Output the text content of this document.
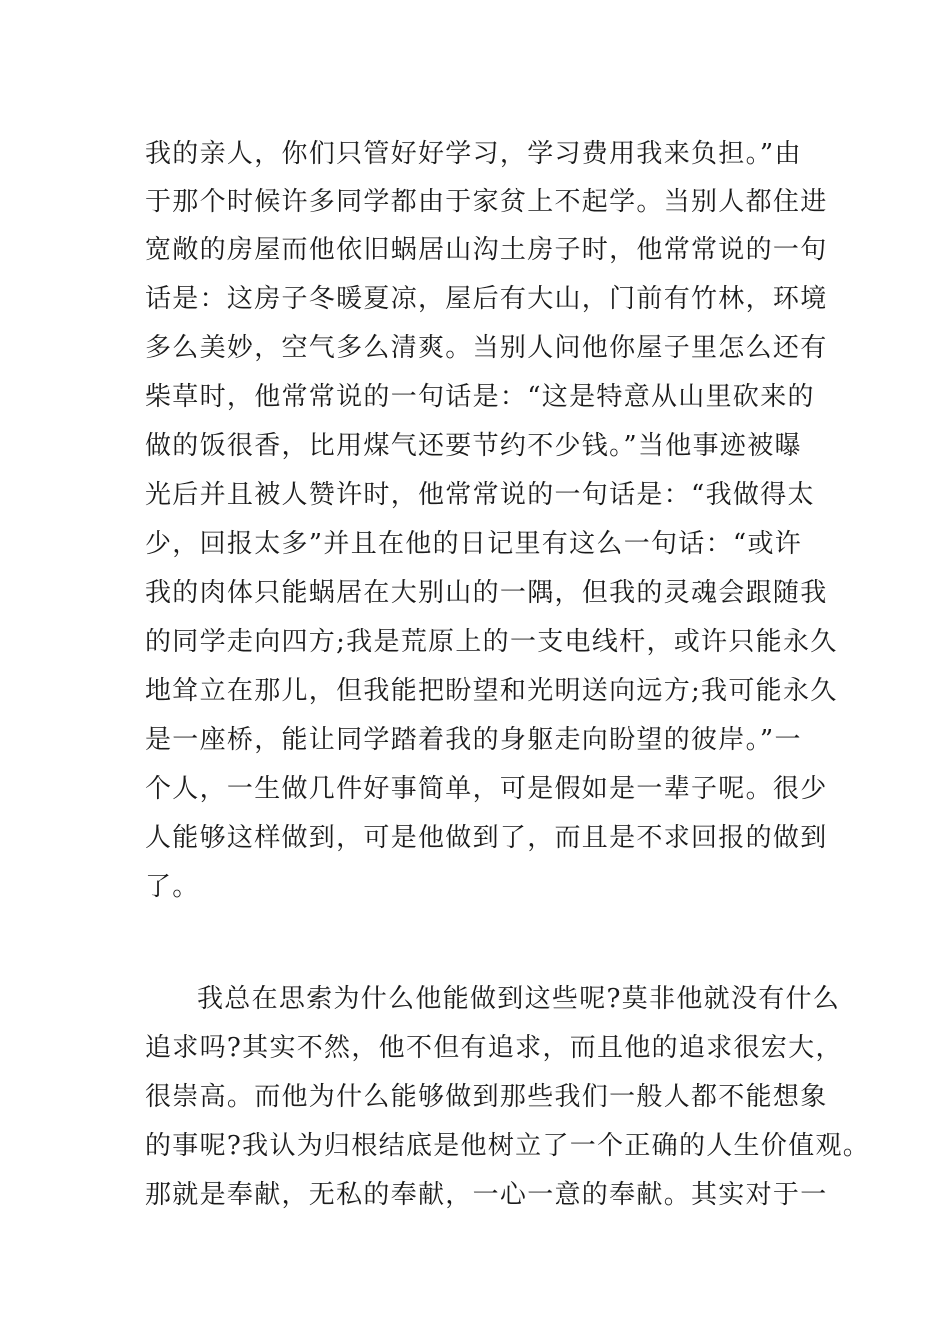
我的亲人，你们只管好好学习，学习费用我来负担。”由
于那个时候许多同学都由于家贫上不起学。当别人都住进
宽敞的房屋而他依旧蜗居山沟土房子时，他常常说的一句
话是：这房子冬暖夏凉，屋后有大山，门前有竹林，环境
多么美妙，空气多么清爽。当别人问他你屋子里怎么还有
柴草时，他常常说的一句话是：“这是特意从山里砍来的
做的饭很香，比用煤气还要节约不少钱。”当他事迹被曝
光后并且被人赞许时，他常常说的一句话是：“我做得太
少，回报太多”并且在他的日记里有这么一句话：“或许
我的肉体只能蜗居在大别山的一隅，但我的灵魂会跟随我
的同学走向四方;我是荒原上的一支电线杆，或许只能永久
地耸立在那儿，但我能把盼望和光明送向远方;我可能永久
是一座桥，能让同学踏着我的身躯走向盼望的彼岸。”一
个人，一生做几件好事简单，可是假如是一辈子呢。很少
人能够这样做到，可是他做到了，而且是不求回报的做到
了。
我总在思索为什么他能做到这些呢?莫非他就没有什么
追求吗?其实不然，他不但有追求，而且他的追求很宏大，
很崇高。而他为什么能够做到那些我们一般人都不能想象
的事呢?我认为归根结底是他树立了一个正确的人生价值观。
那就是奉献，无私的奉献，一心一意的奉献。其实对于一
